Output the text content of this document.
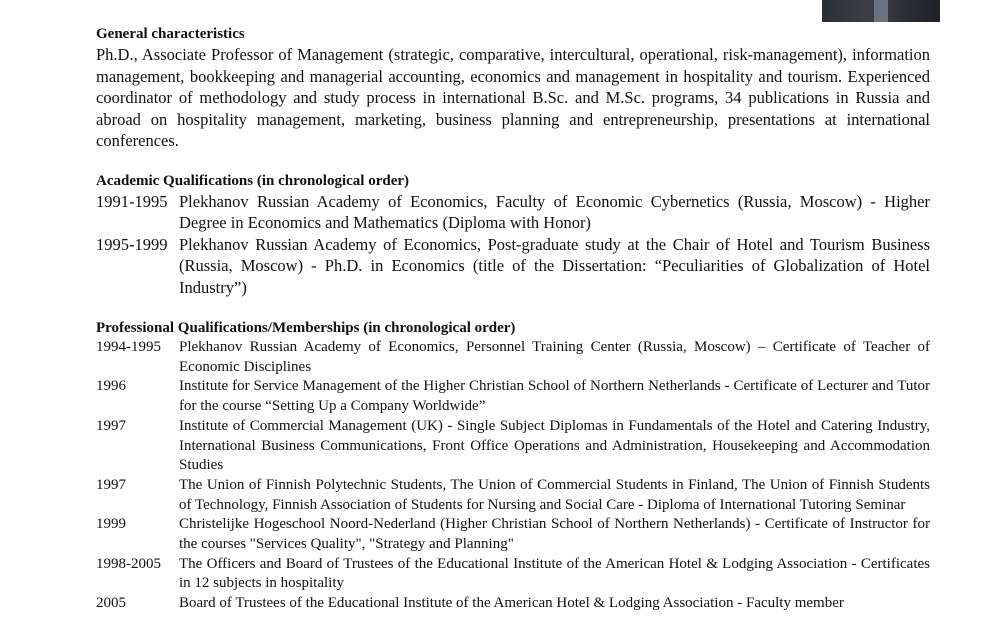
General characteristics

Ph.D., Associate Professor of Management (strategic, comparative, intercultural, operational, risk-management), information management, bookkeeping and managerial accounting, economics and management in hospitality and tourism. Experienced coordinator of methodology and study process in international B.Sc. and M.Sc. programs, 34 publications in Russia and abroad on hospitality management, marketing, business planning and entrepreneurship, presentations at international conferences.

Academic Qualifications (in chronological order)
1991-1995 Plekhanov Russian Academy of Economics, Faculty of Economic Cybernetics (Russia, Moscow) - Higher Degree in Economics and Mathematics (Diploma with Honor)
1995-1999 Plekhanov Russian Academy of Economics, Post-graduate study at the Chair of Hotel and Tourism Business (Russia, Moscow) - Ph.D. in Economics (title of the Dissertation: “Peculiarities of Globalization of Hotel Industry”)
Professional Qualifications/Memberships (in chronological order)
1994-1995	Plekhanov Russian Academy of Economics, Personnel Training Center (Russia, Moscow) – Certificate of Teacher of Economic Disciplines
1996	Institute for Service Management of the Higher Christian School of Northern Netherlands - Certificate of Lecturer and Tutor for the course “Setting Up a Company Worldwide”
1997	Institute of Commercial Management (UK) - Single Subject Diplomas in Fundamentals of the Hotel and Catering Industry, International Business Communications, Front Office Operations and Administration, Housekeeping and Accommodation Studies
1997	The Union of Finnish Polytechnic Students, The Union of Commercial Students in Finland, The Union of Finnish Students of Technology, Finnish Association of Students for Nursing and Social Care - Diploma of International Tutoring Seminar
1999	Christelijke Hogeschool Noord-Nederland (Higher Christian School of Northern Netherlands) - Certificate of Instructor for the courses "Services Quality", "Strategy and Planning"
1998-2005	The Officers and Board of Trustees of the Educational Institute of the American Hotel & Lodging Association - Certificates in 12 subjects in hospitality
2005	Board of Trustees of the Educational Institute of the American Hotel & Lodging Association - Faculty member
